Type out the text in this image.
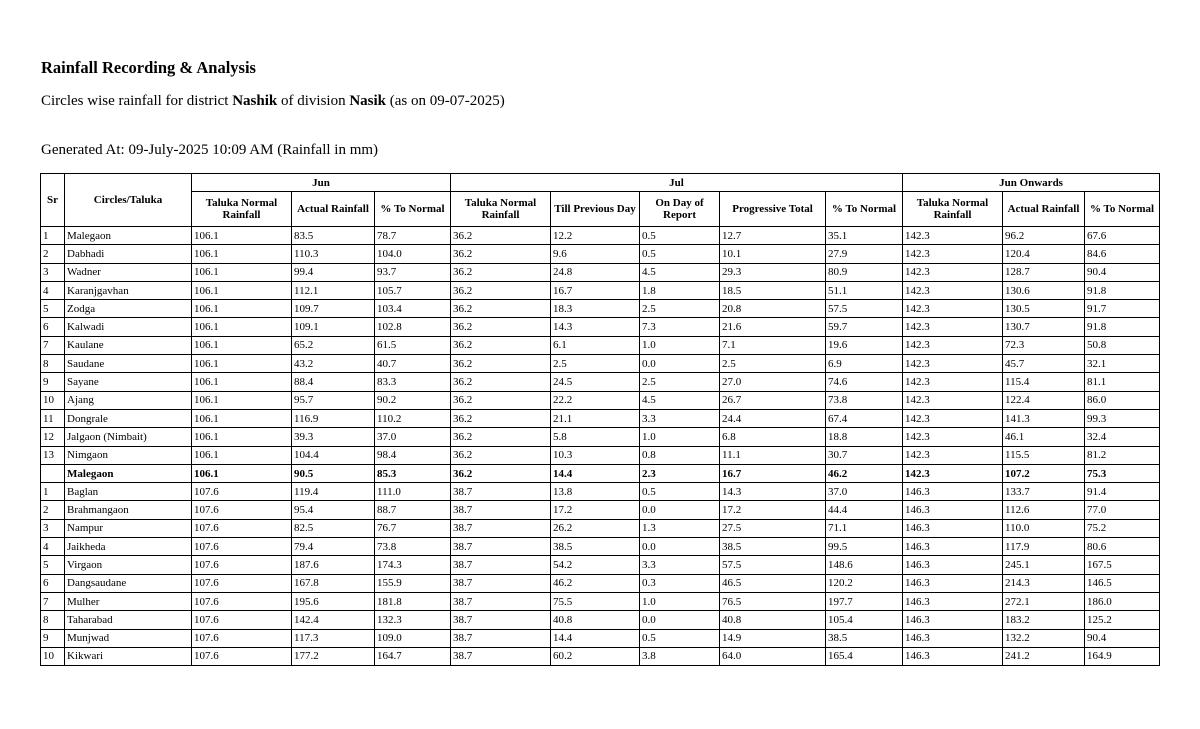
Rainfall Recording & Analysis

Circles wise rainfall for district Nashik of division Nasik (as on 09-07-2025)

Generated At: 09-July-2025 10:09 AM (Rainfall in mm)

Sr	Circles/Taluka	Jun			Jul					Jun Onwards		
		Taluka Normal Rainfall	Actual Rainfall	% To Normal	Taluka Normal Rainfall	Till Previous Day	On Day of Report	Progressive Total	% To Normal	Taluka Normal Rainfall	Actual Rainfall	% To Normal
1	Malegaon	106.1	83.5	78.7	36.2	12.2	0.5	12.7	35.1	142.3	96.2	67.6
2	Dabhadi	106.1	110.3	104.0	36.2	9.6	0.5	10.1	27.9	142.3	120.4	84.6
3	Wadner	106.1	99.4	93.7	36.2	24.8	4.5	29.3	80.9	142.3	128.7	90.4
4	Karanjgavhan	106.1	112.1	105.7	36.2	16.7	1.8	18.5	51.1	142.3	130.6	91.8
5	Zodga	106.1	109.7	103.4	36.2	18.3	2.5	20.8	57.5	142.3	130.5	91.7
6	Kalwadi	106.1	109.1	102.8	36.2	14.3	7.3	21.6	59.7	142.3	130.7	91.8
7	Kaulane	106.1	65.2	61.5	36.2	6.1	1.0	7.1	19.6	142.3	72.3	50.8
8	Saudane	106.1	43.2	40.7	36.2	2.5	0.0	2.5	6.9	142.3	45.7	32.1
9	Sayane	106.1	88.4	83.3	36.2	24.5	2.5	27.0	74.6	142.3	115.4	81.1
10	Ajang	106.1	95.7	90.2	36.2	22.2	4.5	26.7	73.8	142.3	122.4	86.0
11	Dongrale	106.1	116.9	110.2	36.2	21.1	3.3	24.4	67.4	142.3	141.3	99.3
12	Jalgaon (Nimbait)	106.1	39.3	37.0	36.2	5.8	1.0	6.8	18.8	142.3	46.1	32.4
13	Nimgaon	106.1	104.4	98.4	36.2	10.3	0.8	11.1	30.7	142.3	115.5	81.2
	Malegaon	106.1	90.5	85.3	36.2	14.4	2.3	16.7	46.2	142.3	107.2	75.3
1	Baglan	107.6	119.4	111.0	38.7	13.8	0.5	14.3	37.0	146.3	133.7	91.4
2	Brahmangaon	107.6	95.4	88.7	38.7	17.2	0.0	17.2	44.4	146.3	112.6	77.0
3	Nampur	107.6	82.5	76.7	38.7	26.2	1.3	27.5	71.1	146.3	110.0	75.2
4	Jaikheda	107.6	79.4	73.8	38.7	38.5	0.0	38.5	99.5	146.3	117.9	80.6
5	Virgaon	107.6	187.6	174.3	38.7	54.2	3.3	57.5	148.6	146.3	245.1	167.5
6	Dangsaudane	107.6	167.8	155.9	38.7	46.2	0.3	46.5	120.2	146.3	214.3	146.5
7	Mulher	107.6	195.6	181.8	38.7	75.5	1.0	76.5	197.7	146.3	272.1	186.0
8	Taharabad	107.6	142.4	132.3	38.7	40.8	0.0	40.8	105.4	146.3	183.2	125.2
9	Munjwad	107.6	117.3	109.0	38.7	14.4	0.5	14.9	38.5	146.3	132.2	90.4
10	Kikwari	107.6	177.2	164.7	38.7	60.2	3.8	64.0	165.4	146.3	241.2	164.9
